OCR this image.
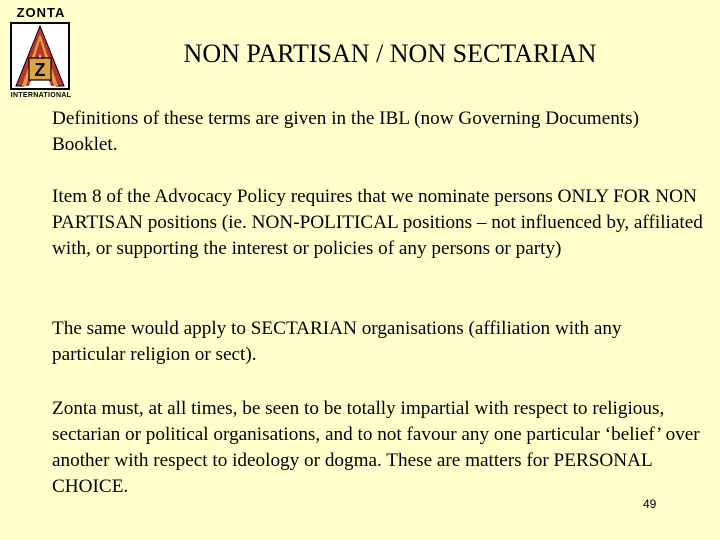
ZONTA
Z
INTERNATIONAL
NON PARTISAN / NON SECTARIAN

Definitions of these terms are given in the IBL (now Governing Documents) Booklet.

Item 8 of the Advocacy Policy requires that we nominate persons ONLY FOR NON PARTISAN positions (ie. NON-POLITICAL positions – not influenced by, affiliated with, or supporting the interest or policies of any persons or party)

The same would apply to SECTARIAN organisations (affiliation with any particular religion or sect).

Zonta must, at all times, be seen to be totally impartial with respect to religious, sectarian or political organisations, and to not favour any one particular ‘belief’ over another with respect to ideology or dogma. These are matters for PERSONAL CHOICE.

49
